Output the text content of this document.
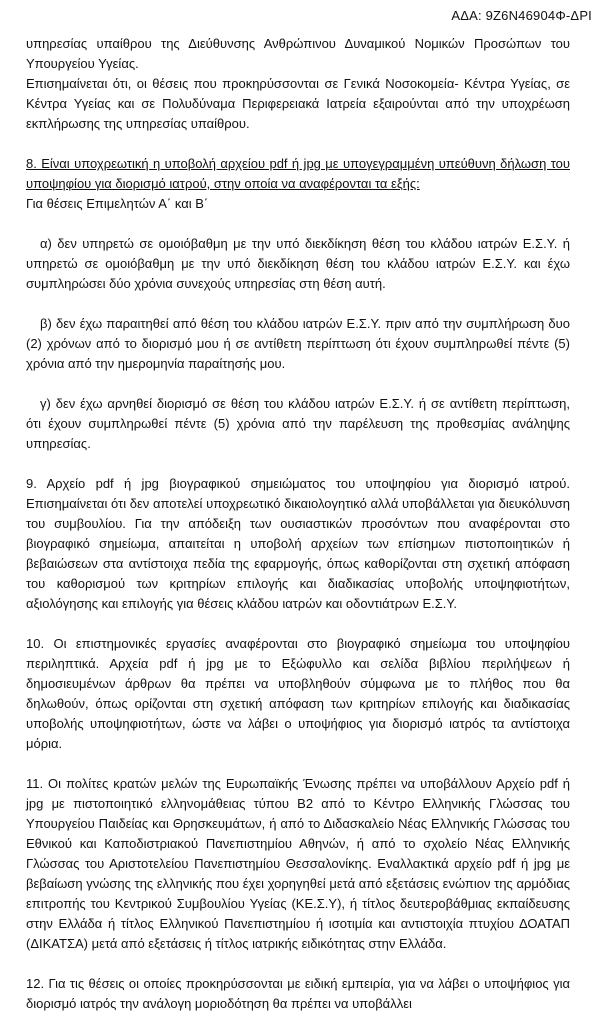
ΑΔΑ: 9Ζ6Ν46904Φ-ΔΡΙ

υπηρεσίας υπαίθρου της Διεύθυνσης Ανθρώπινου Δυναμικού Νομικών Προσώπων του Υπουργείου Υγείας.

Επισημαίνεται ότι, οι θέσεις που προκηρύσσονται σε Γενικά Νοσοκομεία- Κέντρα Υγείας, σε Κέντρα Υγείας και σε Πολυδύναμα Περιφερειακά Ιατρεία εξαιρούνται από την υποχρέωση εκπλήρωσης της υπηρεσίας υπαίθρου.

8. Είναι υποχρεωτική η υποβολή αρχείου pdf ή jpg με υπογεγραμμένη υπεύθυνη δήλωση του υποψηφίου για διορισμό ιατρού, στην οποία να αναφέρονται τα εξής:

Για θέσεις Επιμελητών Α΄ και Β΄

α) δεν υπηρετώ σε ομοιόβαθμη με την υπό διεκδίκηση θέση του κλάδου ιατρών Ε.Σ.Υ. ή υπηρετώ σε ομοιόβαθμη με την υπό διεκδίκηση θέση του κλάδου ιατρών Ε.Σ.Υ. και έχω συμπληρώσει δύο χρόνια συνεχούς υπηρεσίας στη θέση αυτή.

β) δεν έχω παραιτηθεί από θέση του κλάδου ιατρών Ε.Σ.Υ. πριν από την συμπλήρωση δυο (2) χρόνων από το διορισμό μου ή σε αντίθετη περίπτωση ότι έχουν συμπληρωθεί πέντε (5) χρόνια από την ημερομηνία παραίτησής μου.

γ) δεν έχω αρνηθεί διορισμό σε θέση του κλάδου ιατρών Ε.Σ.Υ. ή σε αντίθετη περίπτωση, ότι έχουν συμπληρωθεί πέντε (5) χρόνια από την παρέλευση της προθεσμίας ανάληψης υπηρεσίας.

9. Αρχείο pdf ή jpg βιογραφικού σημειώματος του υποψηφίου για διορισμό ιατρού. Επισημαίνεται ότι δεν αποτελεί υποχρεωτικό δικαιολογητικό αλλά υποβάλλεται για διευκόλυνση του συμβουλίου. Για την απόδειξη των ουσιαστικών προσόντων που αναφέρονται στο βιογραφικό σημείωμα, απαιτείται η υποβολή αρχείων των επίσημων πιστοποιητικών ή βεβαιώσεων στα αντίστοιχα πεδία της εφαρμογής, όπως καθορίζονται στη σχετική απόφαση του καθορισμού των κριτηρίων επιλογής και διαδικασίας υποβολής υποψηφιοτήτων, αξιολόγησης και επιλογής για θέσεις κλάδου ιατρών και οδοντιάτρων Ε.Σ.Υ.

10. Οι επιστημονικές εργασίες αναφέρονται στο βιογραφικό σημείωμα του υποψηφίου περιληπτικά. Αρχεία pdf ή jpg με το Εξώφυλλο και σελίδα βιβλίου περιλήψεων ή δημοσιευμένων άρθρων θα πρέπει να υποβληθούν σύμφωνα με το πλήθος που θα δηλωθούν, όπως ορίζονται στη σχετική απόφαση των κριτηρίων επιλογής και διαδικασίας υποβολής υποψηφιοτήτων, ώστε να λάβει ο υποψήφιος για διορισμό ιατρός τα αντίστοιχα μόρια.

11. Οι πολίτες κρατών μελών της Ευρωπαϊκής Ένωσης πρέπει να υποβάλλουν Αρχείο pdf ή jpg με πιστοποιητικό ελληνομάθειας τύπου Β2 από το Κέντρο Ελληνικής Γλώσσας του Υπουργείου Παιδείας και Θρησκευμάτων, ή από το Διδασκαλείο Νέας Ελληνικής Γλώσσας του Εθνικού και Καποδιστριακού Πανεπιστημίου Αθηνών, ή από το σχολείο Νέας Ελληνικής Γλώσσας του Αριστοτελείου Πανεπιστημίου Θεσσαλονίκης. Εναλλακτικά αρχείο pdf ή jpg με βεβαίωση γνώσης της ελληνικής που έχει χορηγηθεί μετά από εξετάσεις ενώπιον της αρμόδιας επιτροπής του Κεντρικού Συμβουλίου Υγείας (ΚΕ.Σ.Υ), ή τίτλος δευτεροβάθμιας εκπαίδευσης στην Ελλάδα ή τίτλος Ελληνικού Πανεπιστημίου ή ισοτιμία και αντιστοιχία πτυχίου ΔΟΑΤΑΠ (ΔΙΚΑΤΣΑ) μετά από εξετάσεις ή τίτλος ιατρικής ειδικότητας στην Ελλάδα.

12. Για τις θέσεις οι οποίες προκηρύσσονται με ειδική εμπειρία, για να λάβει ο υποψήφιος για διορισμό ιατρός την ανάλογη μοριοδότηση θα πρέπει να υποβάλλει
